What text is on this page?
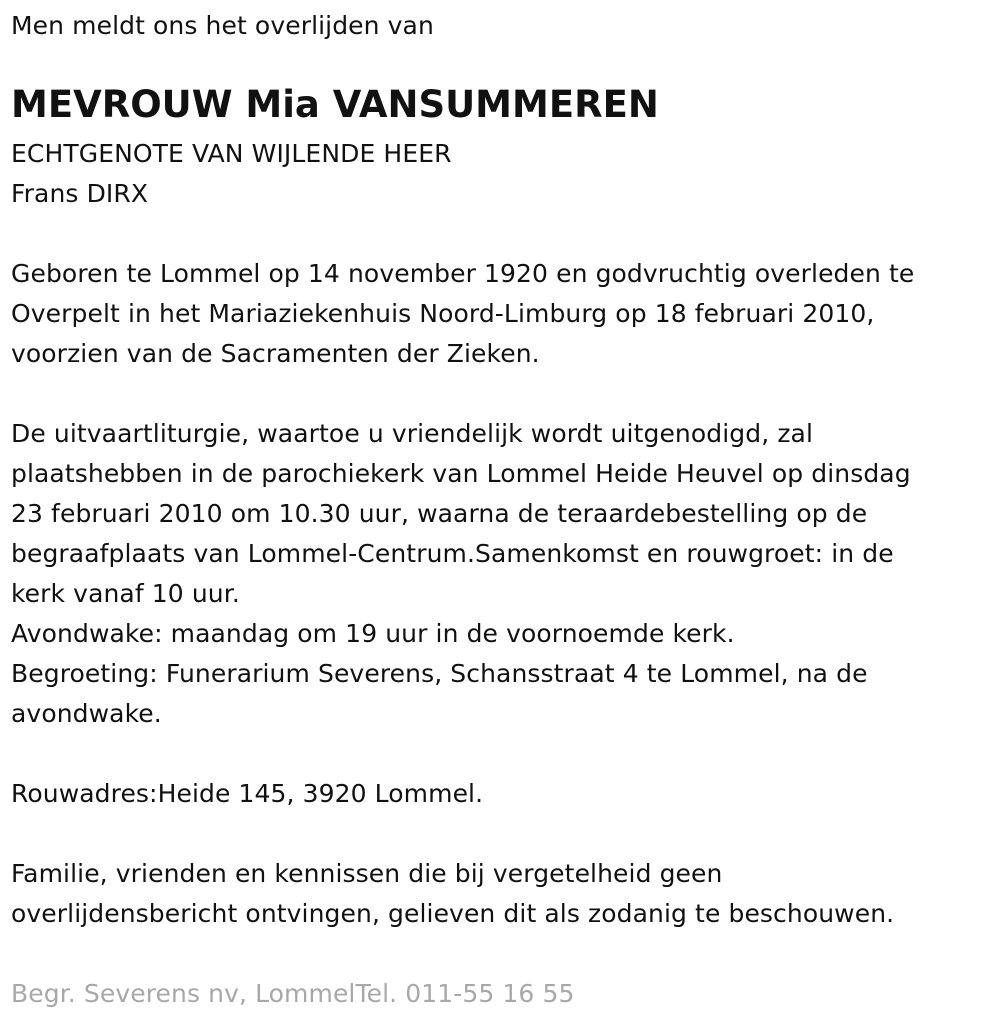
Men meldt ons het overlijden van
MEVROUW Mia VANSUMMEREN
ECHTGENOTE VAN WIJLENDE HEER
Frans DIRX
Geboren te Lommel op 14 november 1920 en godvruchtig overleden te
Overpelt in het Mariaziekenhuis Noord-Limburg op 18 februari 2010,
voorzien van de Sacramenten der Zieken.
De uitvaartliturgie, waartoe u vriendelijk wordt uitgenodigd, zal
plaatshebben in de parochiekerk van Lommel Heide Heuvel op dinsdag
23 februari 2010 om 10.30 uur, waarna de teraardebestelling op de
begraafplaats van Lommel-Centrum.Samenkomst en rouwgroet: in de
kerk vanaf 10 uur.
Avondwake: maandag om 19 uur in de voornoemde kerk.
Begroeting: Funerarium Severens, Schansstraat 4 te Lommel, na de
avondwake.
Rouwadres:Heide 145, 3920 Lommel.
Familie, vrienden en kennissen die bij vergetelheid geen
overlijdensbericht ontvingen, gelieven dit als zodanig te beschouwen.
Begr. Severens nv, LommelTel. 011-55 16 55
